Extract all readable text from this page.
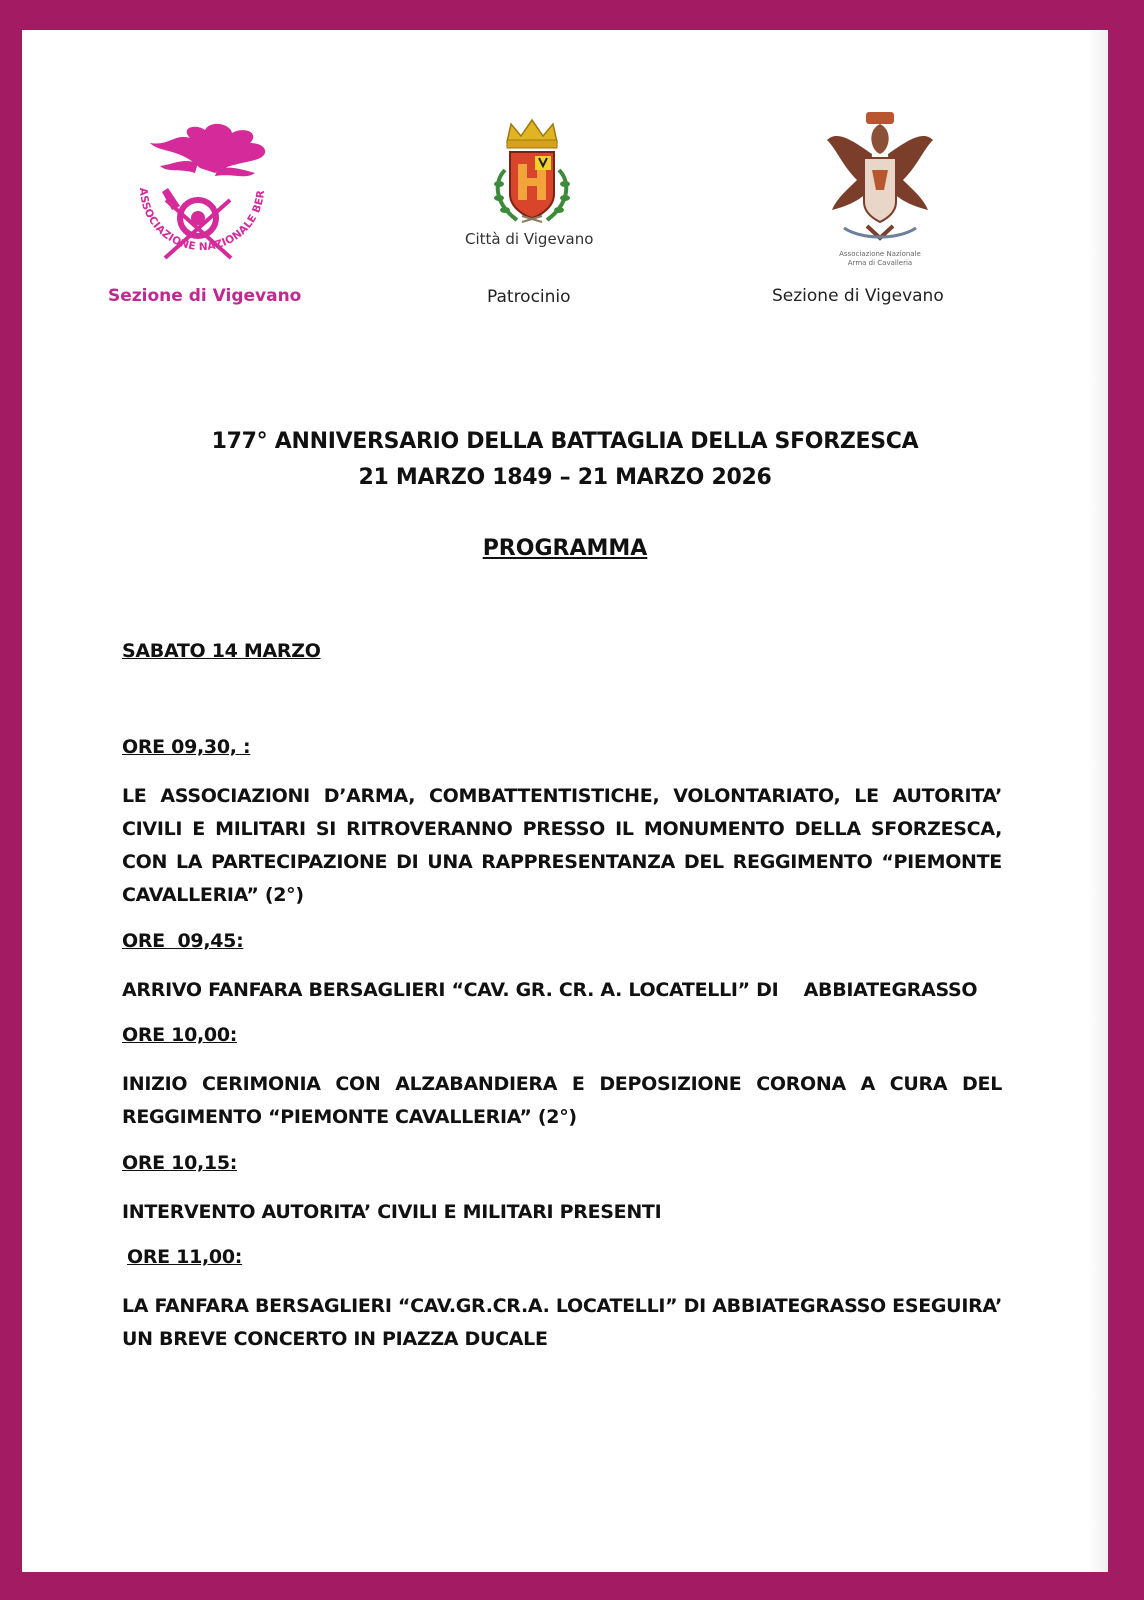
ASSOCIAZIONE NAZIONALE BER
Sezione di Vigevano
Città di Vigevano
Patrocinio
Associazione Nazionale Arma di Cavalleria
Sezione di Vigevano
177° ANNIVERSARIO DELLA BATTAGLIA DELLA SFORZESCA
21 MARZO 1849 – 21 MARZO 2026
PROGRAMMA
SABATO 14 MARZO
ORE 09,30, :
LE ASSOCIAZIONI D’ARMA, COMBATTENTISTICHE, VOLONTARIATO, LE AUTORITA’ CIVILI E MILITARI SI RITROVERANNO PRESSO IL MONUMENTO DELLA SFORZESCA, CON LA PARTECIPAZIONE DI UNA RAPPRESENTANZA DEL REGGIMENTO “PIEMONTE CAVALLERIA” (2°)
ORE  09,45:
ARRIVO FANFARA BERSAGLIERI “CAV. GR. CR. A. LOCATELLI” DI    ABBIATEGRASSO
ORE 10,00:
INIZIO CERIMONIA CON ALZABANDIERA E DEPOSIZIONE CORONA A CURA DEL REGGIMENTO “PIEMONTE CAVALLERIA” (2°)
ORE 10,15:
INTERVENTO AUTORITA’ CIVILI E MILITARI PRESENTI
ORE 11,00:
LA FANFARA BERSAGLIERI “CAV.GR.CR.A. LOCATELLI” DI ABBIATEGRASSO ESEGUIRA’ UN BREVE CONCERTO IN PIAZZA DUCALE
